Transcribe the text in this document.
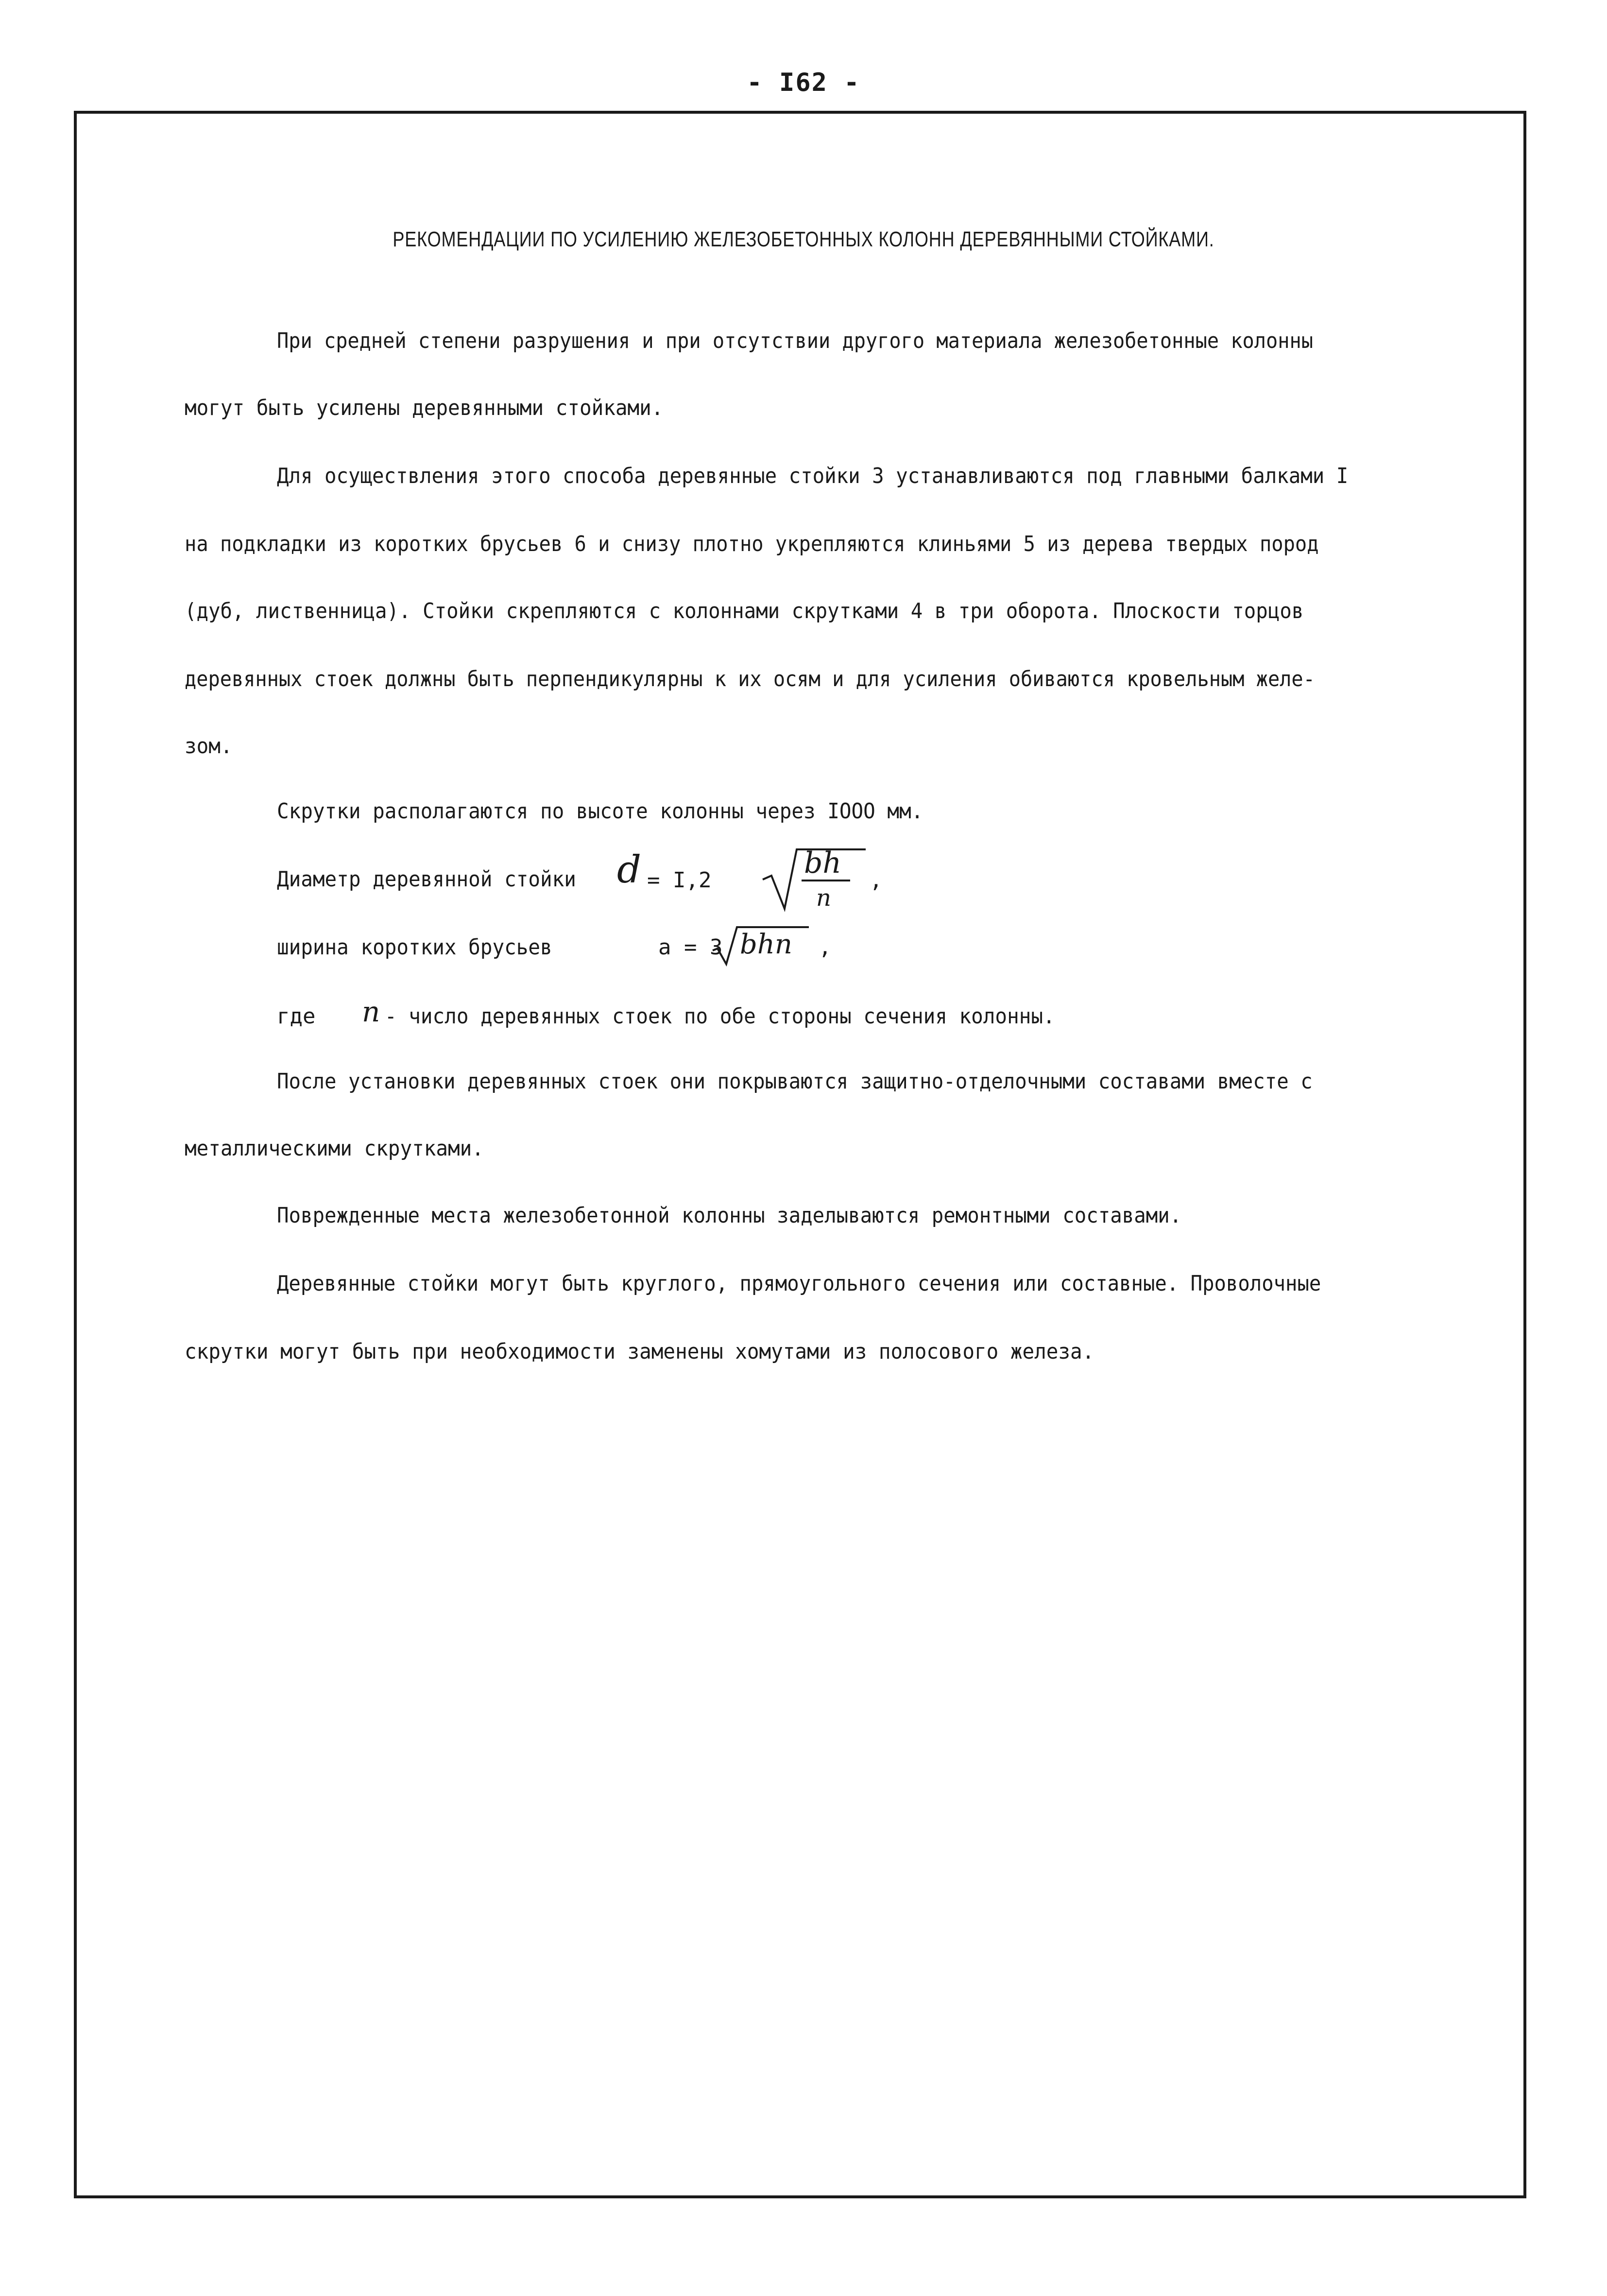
- I62 -
РЕКОМЕНДАЦИИ ПО УСИЛЕНИЮ ЖЕЛЕЗОБЕТОННЫХ КОЛОНН ДЕРЕВЯННЫМИ СТОЙКАМИ.
При средней степени разрушения и при отсутствии другого материала железобетонные колонны
могут быть усилены деревянными стойками.
Для осуществления этого способа деревянные стойки 3 устанавливаются под главными балками I
на подкладки из коротких брусьев 6 и снизу плотно укрепляются клиньями 5 из дерева твердых пород
(дуб, лиственница). Стойки скрепляются с колоннами скрутками 4 в три оборота. Плоскости торцов
деревянных стоек должны быть перпендикулярны к их осям и для усиления обиваются кровельным желе-
зом.
Скрутки располагаются по высоте колонны через IOOO мм.
Диаметр деревянной стойки d = I,2
bh
n
,
ширина коротких брусьев	a = 3 bhn ,
где n - число деревянных стоек по обе стороны сечения колонны.
После установки деревянных стоек они покрываются защитно-отделочными составами вместе с
металлическими скрутками.
Поврежденные места железобетонной колонны заделываются ремонтными составами.
Деревянные стойки могут быть круглого, прямоугольного сечения или составные. Проволочные
скрутки могут быть при необходимости заменены хомутами из полосового железа.
